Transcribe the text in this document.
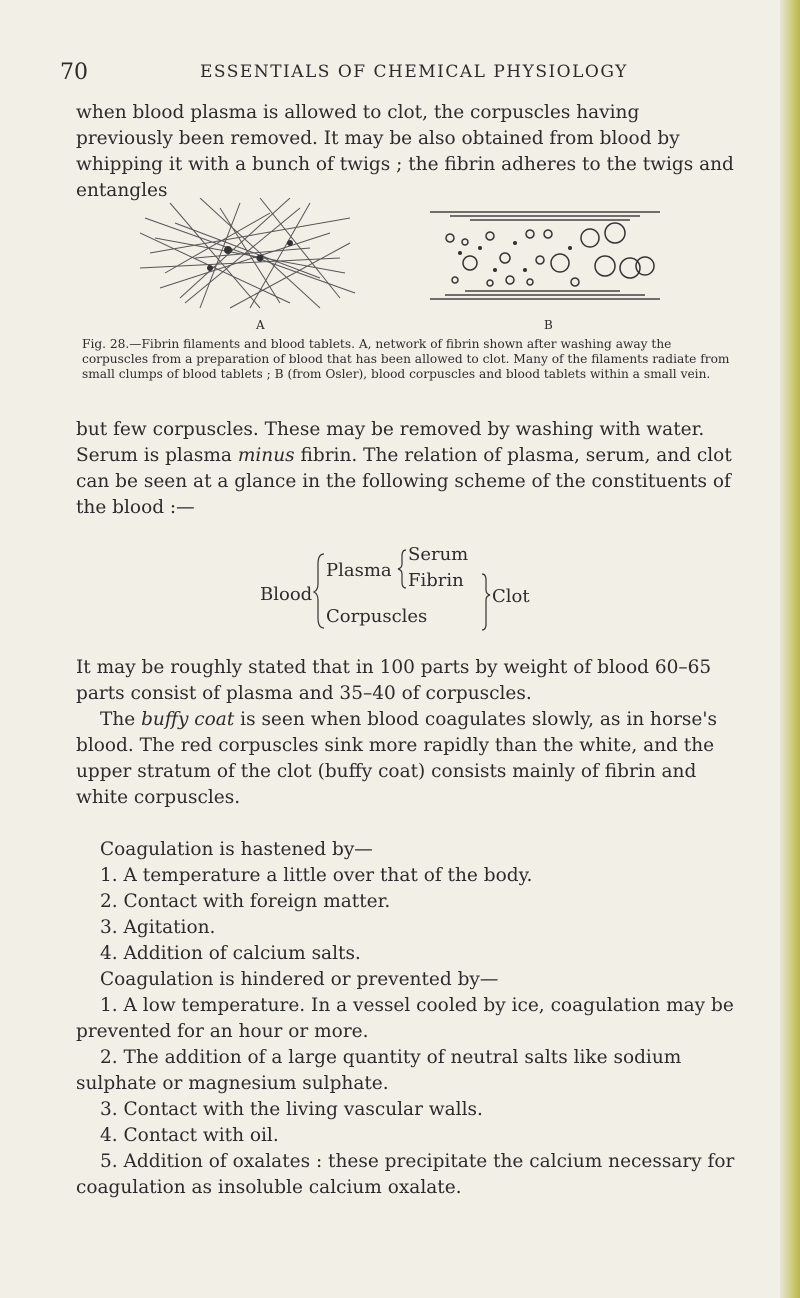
70	ESSENTIALS OF CHEMICAL PHYSIOLOGY

when blood plasma is allowed to clot, the corpuscles having previously been removed. It may be also obtained from blood by whipping it with a bunch of twigs ; the fibrin adheres to the twigs and entangles

A	B

Fig. 28.—Fibrin filaments and blood tablets. A, network of fibrin shown after washing away the corpuscles from a preparation of blood that has been allowed to clot. Many of the filaments radiate from small clumps of blood tablets ; B (from Osler), blood corpuscles and blood tablets within a small vein.

but few corpuscles. These may be removed by washing with water. Serum is plasma minus fibrin. The relation of plasma, serum, and clot can be seen at a glance in the following scheme of the constituents of the blood :—

Blood
Plasma
Serum
Fibrin
Corpuscles
Clot

It may be roughly stated that in 100 parts by weight of blood 60–65 parts consist of plasma and 35–40 of corpuscles.

The buffy coat is seen when blood coagulates slowly, as in horse's blood. The red corpuscles sink more rapidly than the white, and the upper stratum of the clot (buffy coat) consists mainly of fibrin and white corpuscles.

Coagulation is hastened by—
1. A temperature a little over that of the body.
2. Contact with foreign matter.
3. Agitation.
4. Addition of calcium salts.
Coagulation is hindered or prevented by—

1. A low temperature. In a vessel cooled by ice, coagulation may be prevented for an hour or more.

2. The addition of a large quantity of neutral salts like sodium sulphate or magnesium sulphate.

3. Contact with the living vascular walls.
4. Contact with oil.

5. Addition of oxalates : these precipitate the calcium necessary for coagulation as insoluble calcium oxalate.
